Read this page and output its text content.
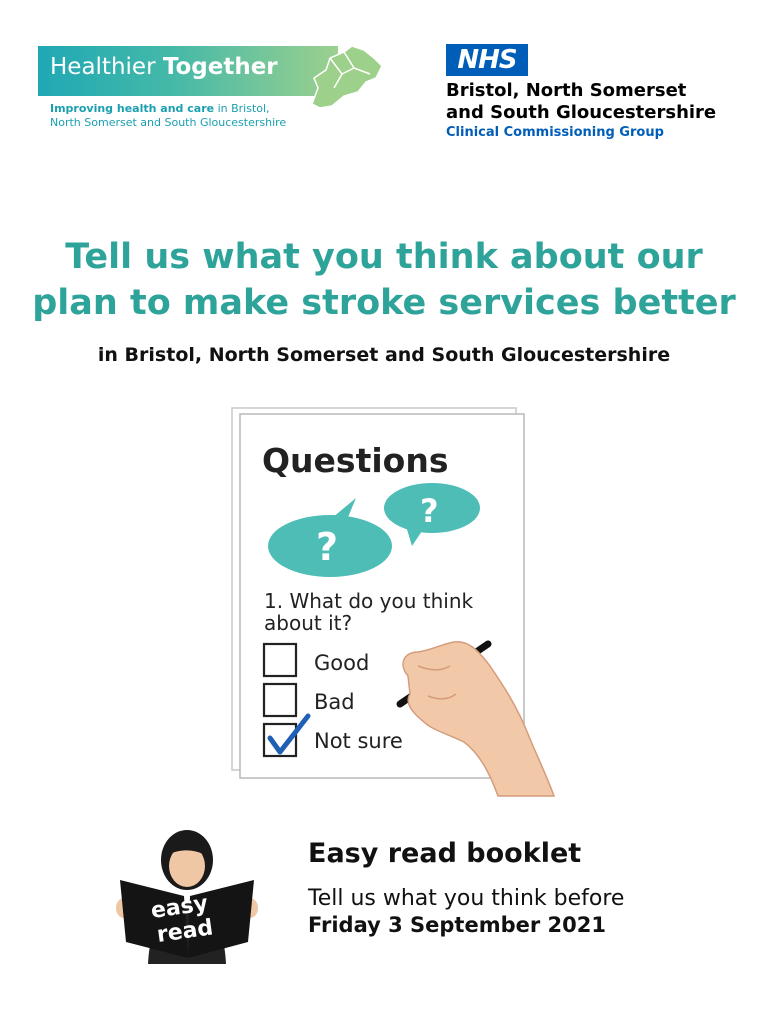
Healthier Together
Improving health and care in Bristol,
North Somerset and South Gloucestershire
NHS
Bristol, North Somerset
and South Gloucestershire
Clinical Commissioning Group
Tell us what you think about our
plan to make stroke services better
in Bristol, North Somerset and South Gloucestershire
Questions
?
?
1. What do you think
about it?
Good
Bad
Not sure
easy
read
Easy read booklet
Tell us what you think before
Friday 3 September 2021
